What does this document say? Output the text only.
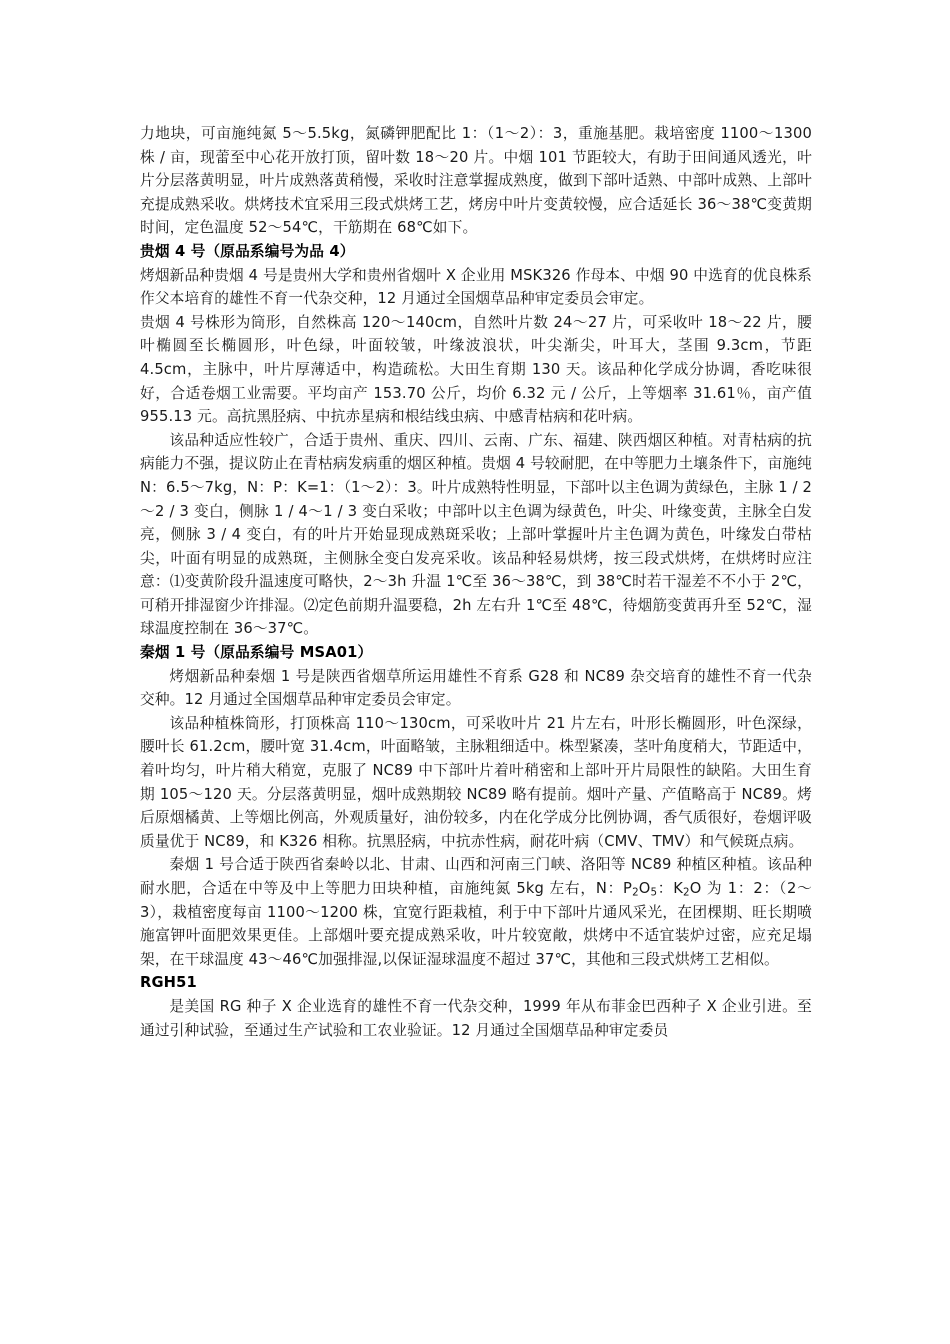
力地块，可亩施纯氮 5～5.5kg，氮磷钾肥配比 1：（1～2）：3，重施基肥。栽培密度 1100～1300 株 / 亩，现蕾至中心花开放打顶，留叶数 18～20 片。中烟 101 节距较大，有助于田间通风透光，叶片分层落黄明显，叶片成熟落黄稍慢，采收时注意掌握成熟度，做到下部叶适熟、中部叶成熟、上部叶充提成熟采收。烘烤技术宜采用三段式烘烤工艺，烤房中叶片变黄较慢，应合适延长 36～38℃变黄期时间，定色温度 52～54℃，干筋期在 68℃如下。

贵烟 4 号（原品系编号为品 4）

烤烟新品种贵烟 4 号是贵州大学和贵州省烟叶 X 企业用 MSK326 作母本、中烟 90 中选育的优良株系作父本培育的雄性不育一代杂交种，12 月通过全国烟草品种审定委员会审定。

贵烟 4 号株形为筒形，自然株高 120～140cm，自然叶片数 24～27 片，可采收叶 18～22 片，腰叶椭圆至长椭圆形，叶色绿，叶面较皱，叶缘波浪状，叶尖渐尖，叶耳大，茎围 9.3cm，节距 4.5cm，主脉中，叶片厚薄适中，构造疏松。大田生育期 130 天。该品种化学成分协调，香吃味很好，合适卷烟工业需要。平均亩产 153.70 公斤，均价 6.32 元 / 公斤，上等烟率 31.61％，亩产值 955.13 元。高抗黑胫病、中抗赤星病和根结线虫病、中感青枯病和花叶病。

该品种适应性较广，合适于贵州、重庆、四川、云南、广东、福建、陕西烟区种植。对青枯病的抗病能力不强，提议防止在青枯病发病重的烟区种植。贵烟 4 号较耐肥，在中等肥力土壤条件下，亩施纯 N：6.5～7kg，N：P：K=1：（1～2）：3。叶片成熟特性明显，下部叶以主色调为黄绿色，主脉 1 / 2～2 / 3 变白，侧脉 1 / 4～1 / 3 变白采收；中部叶以主色调为绿黄色，叶尖、叶缘变黄，主脉全白发亮，侧脉 3 / 4 变白，有的叶片开始显现成熟斑采收；上部叶掌握叶片主色调为黄色，叶缘发白带枯尖，叶面有明显的成熟斑，主侧脉全变白发亮采收。该品种轻易烘烤，按三段式烘烤，在烘烤时应注意：⑴变黄阶段升温速度可略快，2～3h 升温 1℃至 36～38℃，到 38℃时若干湿差不不小于 2℃，可稍开排湿窗少许排湿。⑵定色前期升温要稳，2h 左右升 1℃至 48℃，待烟筋变黄再升至 52℃，湿球温度控制在 36～37℃。

秦烟 1 号（原品系编号 MSA01）

烤烟新品种秦烟 1 号是陕西省烟草所运用雄性不育系 G28 和 NC89 杂交培育的雄性不育一代杂交种。12 月通过全国烟草品种审定委员会审定。

该品种植株筒形，打顶株高 110～130cm，可采收叶片 21 片左右，叶形长椭圆形，叶色深绿，腰叶长 61.2cm，腰叶宽 31.4cm，叶面略皱，主脉粗细适中。株型紧凑，茎叶角度稍大，节距适中，着叶均匀，叶片稍大稍宽，克服了 NC89 中下部叶片着叶稍密和上部叶开片局限性的缺陷。大田生育期 105～120 天。分层落黄明显，烟叶成熟期较 NC89 略有提前。烟叶产量、产值略高于 NC89。烤后原烟橘黄、上等烟比例高，外观质量好，油份较多，内在化学成分比例协调，香气质很好，卷烟评吸质量优于 NC89，和 K326 相称。抗黑胫病，中抗赤性病，耐花叶病（CMV、TMV）和气候斑点病。

秦烟 1 号合适于陕西省秦岭以北、甘肃、山西和河南三门峡、洛阳等 NC89 种植区种植。该品种耐水肥，合适在中等及中上等肥力田块种植，亩施纯氮 5kg 左右，N：$P_2O_5$：$K_2O$ 为 1：2：（2～3），栽植密度每亩 1100～1200 株，宜宽行距栽植，利于中下部叶片通风采光，在团棵期、旺长期喷施富钾叶面肥效果更佳。上部烟叶要充提成熟采收，叶片较宽敞，烘烤中不适宜装炉过密，应充足塌架，在干球温度 43～46℃加强排湿,以保证湿球温度不超过 37℃，其他和三段式烘烤工艺相似。

RGH51

是美国 RG 种子 X 企业选育的雄性不育一代杂交种，1999 年从布菲金巴西种子 X 企业引进。至通过引种试验，至通过生产试验和工农业验证。12 月通过全国烟草品种审定委员
